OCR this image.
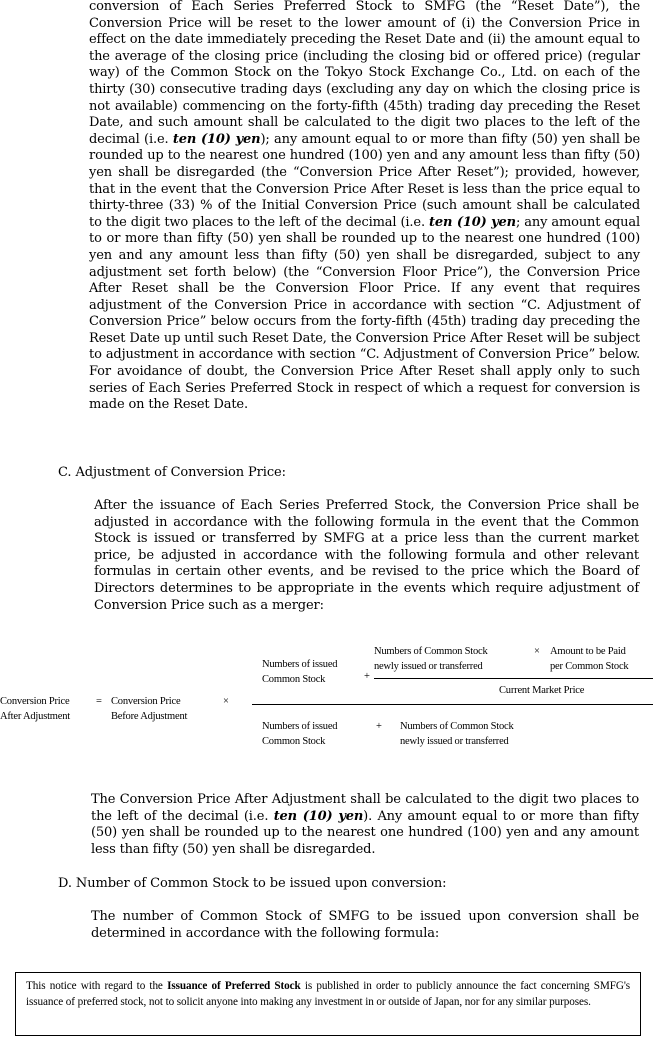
conversion of Each Series Preferred Stock to SMFG (the “Reset Date”), the Conversion Price will be reset to the lower amount of (i) the Conversion Price in effect on the date immediately preceding the Reset Date and (ii) the amount equal to the average of the closing price (including the closing bid or offered price) (regular way) of the Common Stock on the Tokyo Stock Exchange Co., Ltd. on each of the thirty (30) consecutive trading days (excluding any day on which the closing price is not available) commencing on the forty-fifth (45th) trading day preceding the Reset Date, and such amount shall be calculated to the digit two places to the left of the decimal (i.e. ten (10) yen); any amount equal to or more than fifty (50) yen shall be rounded up to the nearest one hundred (100) yen and any amount less than fifty (50) yen shall be disregarded (the “Conversion Price After Reset”); provided, however, that in the event that the Conversion Price After Reset is less than the price equal to thirty-three (33) % of the Initial Conversion Price (such amount shall be calculated to the digit two places to the left of the decimal (i.e. ten (10) yen; any amount equal to or more than fifty (50) yen shall be rounded up to the nearest one hundred (100) yen and any amount less than fifty (50) yen shall be disregarded, subject to any adjustment set forth below) (the “Conversion Floor Price”), the Conversion Price After Reset shall be the Conversion Floor Price. If any event that requires adjustment of the Conversion Price in accordance with section “C. Adjustment of Conversion Price” below occurs from the forty-fifth (45th) trading day preceding the Reset Date up until such Reset Date, the Conversion Price After Reset will be subject to adjustment in accordance with section “C. Adjustment of Conversion Price” below. For avoidance of doubt, the Conversion Price After Reset shall apply only to such series of Each Series Preferred Stock in respect of which a request for conversion is made on the Reset Date.

C. Adjustment of Conversion Price:

After the issuance of Each Series Preferred Stock, the Conversion Price shall be adjusted in accordance with the following formula in the event that the Common Stock is issued or transferred by SMFG at a price less than the current market price, be adjusted in accordance with the following formula and other relevant formulas in certain other events, and be revised to the price which the Board of Directors determines to be appropriate in the events which require adjustment of Conversion Price such as a merger:

Conversion Price
After Adjustment
= Conversion Price
Before Adjustment
×
Numbers of issued
Common Stock	+
Numbers of Common Stock
newly issued or transferred
× Amount to be Paid
per Common Stock
Current Market Price
Numbers of issued
Common Stock
+ Numbers of Common Stock
newly issued or transferred

The Conversion Price After Adjustment shall be calculated to the digit two places to the left of the decimal (i.e. ten (10) yen). Any amount equal to or more than fifty (50) yen shall be rounded up to the nearest one hundred (100) yen and any amount less than fifty (50) yen shall be disregarded.

D. Number of Common Stock to be issued upon conversion:

The number of Common Stock of SMFG to be issued upon conversion shall be determined in accordance with the following formula:

This notice with regard to the Issuance of Preferred Stock is published in order to publicly announce the fact concerning SMFG's issuance of preferred stock, not to solicit anyone into making any investment in or outside of Japan, nor for any similar purposes.
